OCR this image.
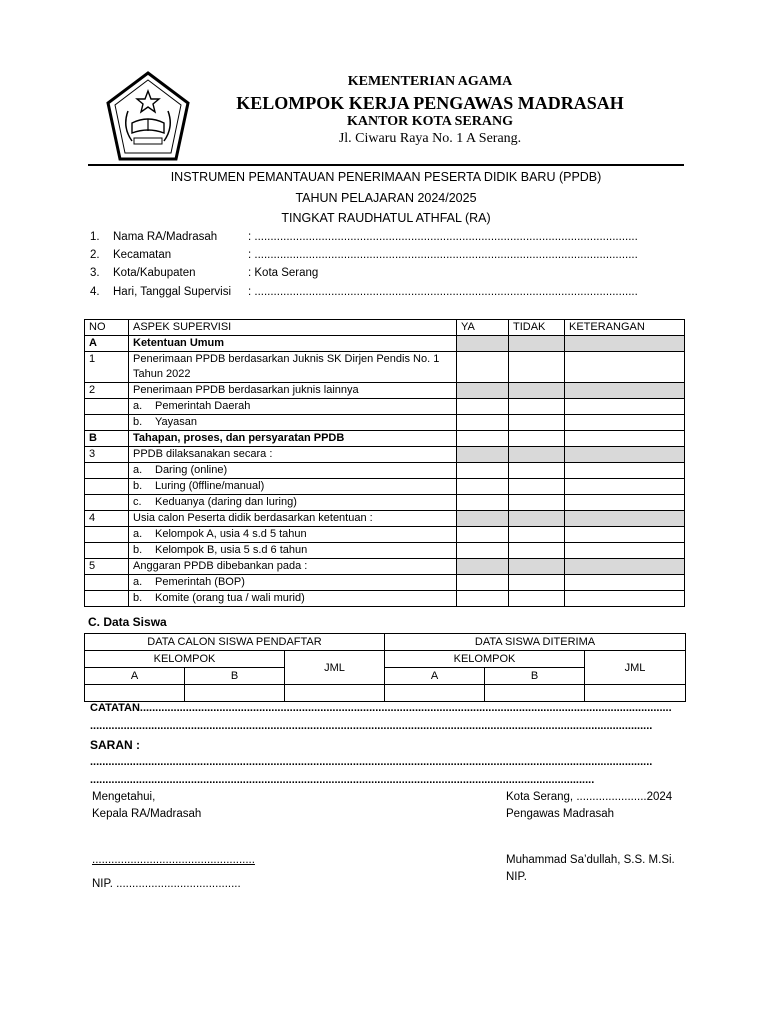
KEMENTERIAN AGAMA
KELOMPOK KERJA PENGAWAS MADRASAH
KANTOR KOTA SERANG
Jl. Ciwaru Raya No. 1 A Serang.
INSTRUMEN PEMANTAUAN PENERIMAAN PESERTA DIDIK BARU (PPDB)
TAHUN PELAJARAN 2024/2025
TINGKAT RAUDHATUL ATHFAL (RA)
1. Nama RA/Madrasah	: ........................................................................................................................
2. Kecamatan	: ........................................................................................................................
3. Kota/Kabupaten	: Kota Serang
4. Hari, Tanggal Supervisi : ........................................................................................................................
NO	ASPEK SUPERVISI	YA	TIDAK	KETERANGAN
A	Ketentuan Umum			
1	Penerimaan PPDB berdasarkan Juknis SK Dirjen Pendis No. 1 Tahun 2022			
2	Penerimaan PPDB berdasarkan juknis lainnya			
	a. Pemerintah Daerah			
	b. Yayasan			
B	Tahapan, proses, dan persyaratan PPDB			
3	PPDB dilaksanakan secara :			
	a. Daring (online)			
	b. Luring (0ffline/manual)			
	c. Keduanya (daring dan luring)			
4	Usia calon Peserta didik berdasarkan ketentuan :			
	a. Kelompok A, usia 4 s.d 5 tahun			
	b. Kelompok B, usia 5 s.d 6 tahun			
5	Anggaran PPDB dibebankan pada :			
	a. Pemerintah (BOP)			
	b. Komite (orang tua / wali murid)			
C. Data Siswa
DATA CALON SISWA PENDAFTAR			DATA SISWA DITERIMA		
KELOMPOK		JML	KELOMPOK		JML
A	B		A	B	

CATATAN..............................................................................................................................................................................
........................................................................................................................................................................................
SARAN :
........................................................................................................................................................................................
.....................................................................................................................................................................
Mengetahui,
Kepala RA/Madrasah
...................................................
NIP. .......................................
Kota Serang, ......................2024
Pengawas Madrasah
Muhammad Sa’dullah, S.S. M.Si.
NIP.
